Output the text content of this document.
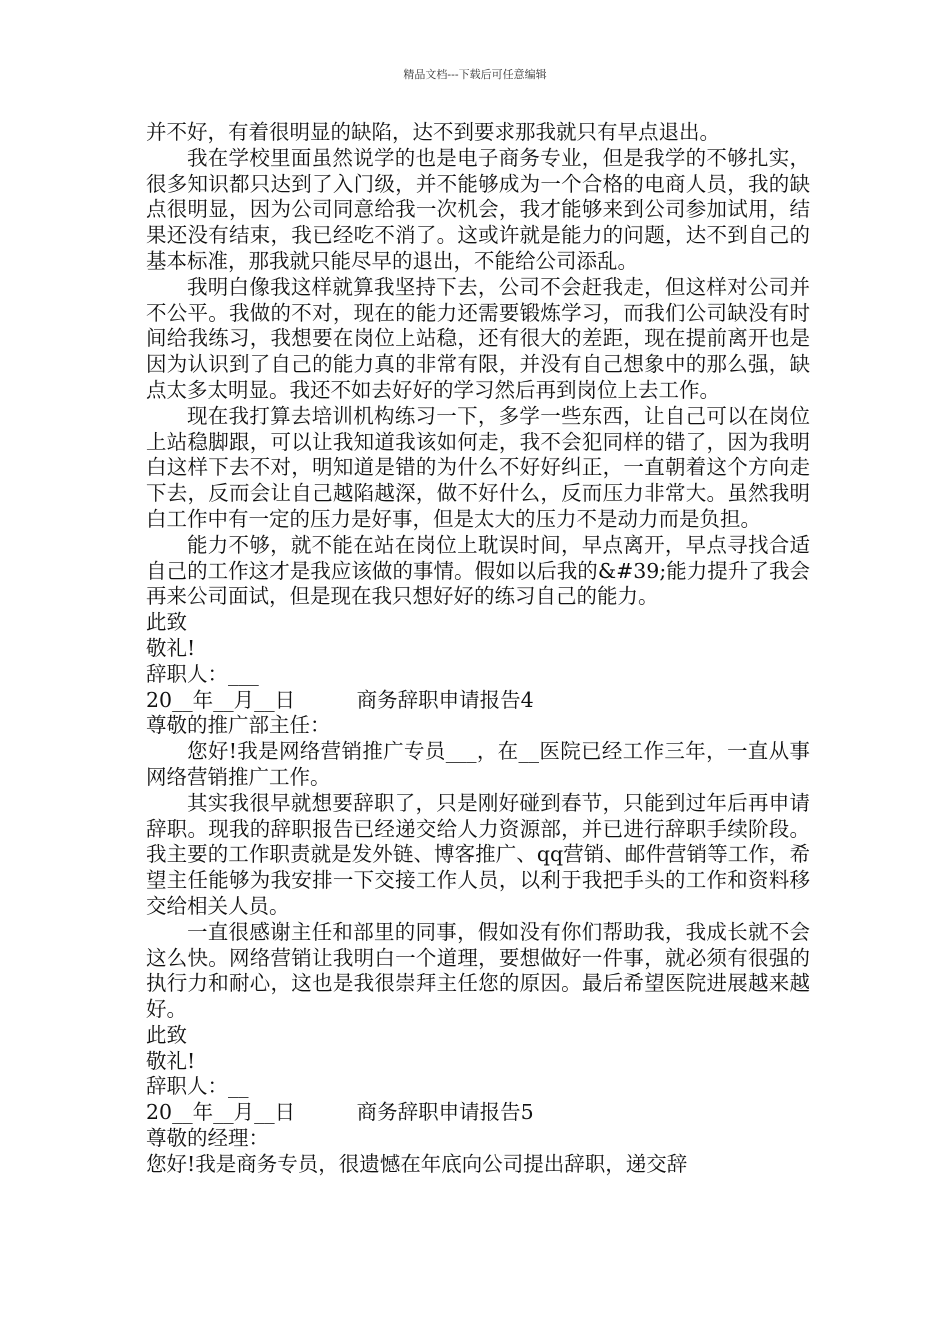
精品文档---下载后可任意编辑

并不好，有着很明显的缺陷，达不到要求那我就只有早点退出。

我在学校里面虽然说学的也是电子商务专业，但是我学的不够扎实，很多知识都只达到了入门级，并不能够成为一个合格的电商人员，我的缺点很明显，因为公司同意给我一次机会，我才能够来到公司参加试用，结果还没有结束，我已经吃不消了。这或许就是能力的问题，达不到自己的基本标准，那我就只能尽早的退出，不能给公司添乱。

我明白像我这样就算我坚持下去，公司不会赶我走，但这样对公司并不公平。我做的不对，现在的能力还需要锻炼学习，而我们公司缺没有时间给我练习，我想要在岗位上站稳，还有很大的差距，现在提前离开也是因为认识到了自己的能力真的非常有限，并没有自己想象中的那么强，缺点太多太明显。我还不如去好好的学习然后再到岗位上去工作。

现在我打算去培训机构练习一下，多学一些东西，让自己可以在岗位上站稳脚跟，可以让我知道我该如何走，我不会犯同样的错了，因为我明白这样下去不对，明知道是错的为什么不好好纠正，一直朝着这个方向走下去，反而会让自己越陷越深，做不好什么，反而压力非常大。虽然我明白工作中有一定的压力是好事，但是太大的压力不是动力而是负担。

能力不够，就不能在站在岗位上耽误时间，早点离开，早点寻找合适自己的工作这才是我应该做的事情。假如以后我的&#39;能力提升了我会再来公司面试，但是现在我只想好好的练习自己的能力。

此致

敬礼!

辞职人：___

20__年__月__日　　　商务辞职申请报告4

尊敬的推广部主任：

您好!我是网络营销推广专员___，在__医院已经工作三年，一直从事网络营销推广工作。

其实我很早就想要辞职了，只是刚好碰到春节，只能到过年后再申请辞职。现我的辞职报告已经递交给人力资源部，并已进行辞职手续阶段。我主要的工作职责就是发外链、博客推广、qq营销、邮件营销等工作，希望主任能够为我安排一下交接工作人员，以利于我把手头的工作和资料移交给相关人员。

一直很感谢主任和部里的同事，假如没有你们帮助我，我成长就不会这么快。网络营销让我明白一个道理，要想做好一件事，就必须有很强的执行力和耐心，这也是我很崇拜主任您的原因。最后希望医院进展越来越好。

此致

敬礼!

辞职人：__

20__年__月__日　　　商务辞职申请报告5

尊敬的经理：

您好!我是商务专员，很遗憾在年底向公司提出辞职，递交辞
